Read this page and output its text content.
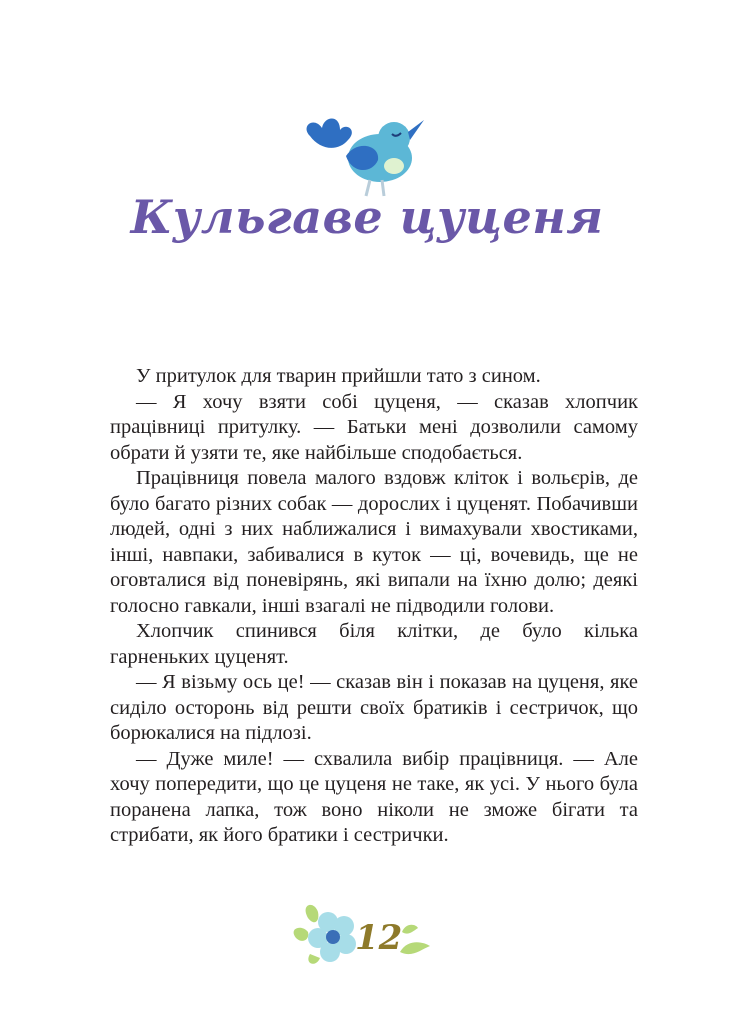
Кульгаве цуценя

У притулок для тварин прийшли тато з сином.

— Я хочу взяти собі цуценя, — сказав хлопчик працівниці притулку. — Батьки мені дозволили самому обрати й узяти те, яке найбільше сподобається.

Працівниця повела малого вздовж кліток і вольєрів, де було багато різних собак — дорослих і цуценят. Побачивши людей, одні з них наближалися і вимахували хвостиками, інші, навпаки, забивалися в куток — ці, вочевидь, ще не оговталися від поневірянь, які випали на їхню долю; деякі голосно гавкали, інші взагалі не підводили голови.

Хлопчик спинився біля клітки, де було кілька гарненьких цуценят.

— Я візьму ось це! — сказав він і показав на цуценя, яке сиділо осторонь від решти своїх братиків і сестричок, що борюкалися на підлозі.

— Дуже миле! — схвалила вибір працівниця. — Але хочу попередити, що це цуценя не таке, як усі. У нього була поранена лапка, тож воно ніколи не зможе бігати та стрибати, як його братики і сестрички.

12
